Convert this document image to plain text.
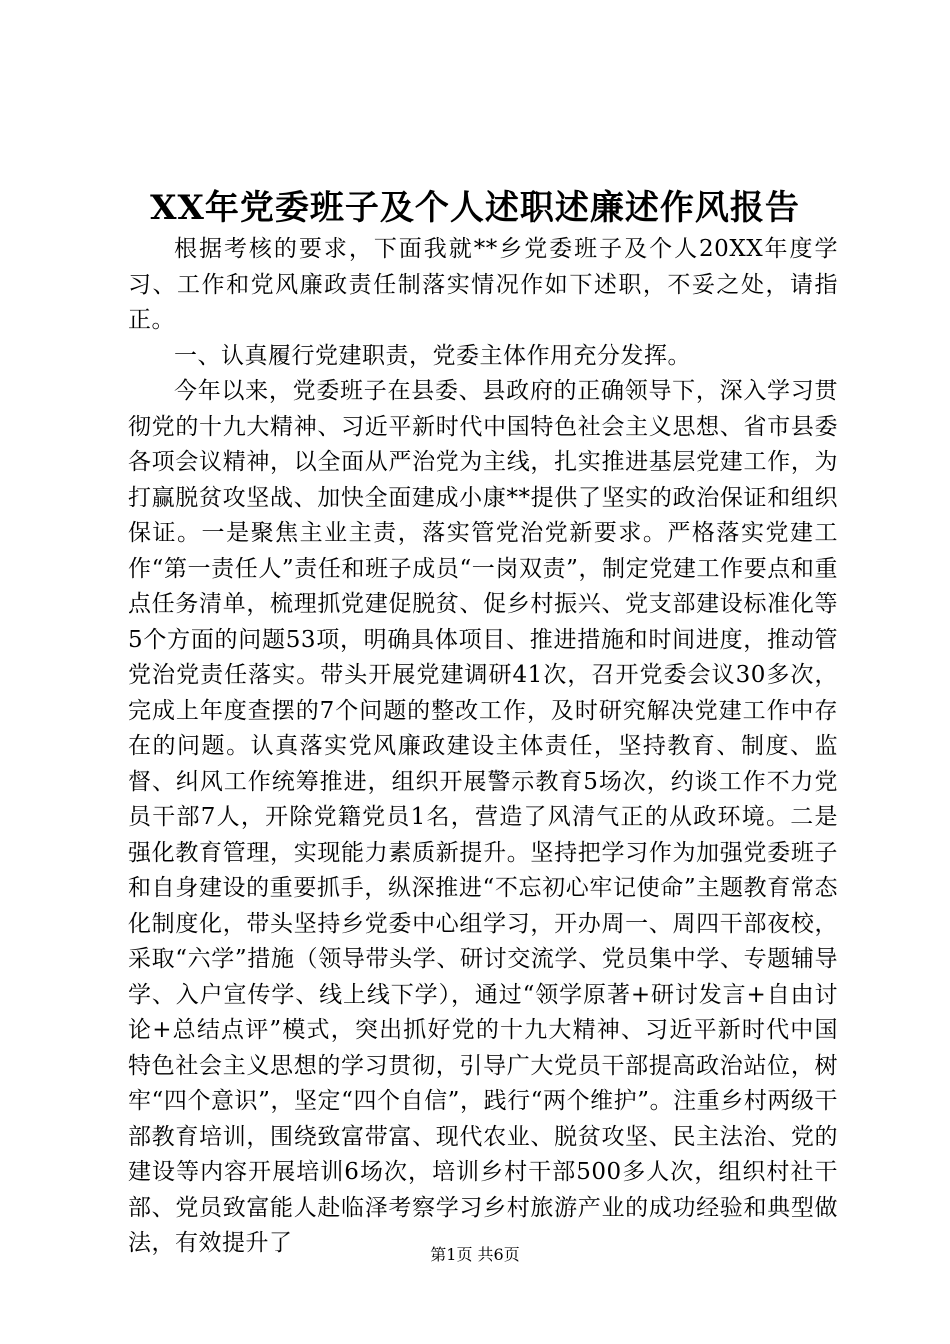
XX年党委班子及个人述职述廉述作风报告

根据考核的要求，下面我就**乡党委班子及个人20XX年度学习、工作和党风廉政责任制落实情况作如下述职，不妥之处，请指正。

一、认真履行党建职责，党委主体作用充分发挥。

今年以来，党委班子在县委、县政府的正确领导下，深入学习贯彻党的十九大精神、习近平新时代中国特色社会主义思想、省市县委各项会议精神，以全面从严治党为主线，扎实推进基层党建工作，为打赢脱贫攻坚战、加快全面建成小康**提供了坚实的政治保证和组织保证。一是聚焦主业主责，落实管党治党新要求。严格落实党建工作“第一责任人”责任和班子成员“一岗双责”，制定党建工作要点和重点任务清单，梳理抓党建促脱贫、促乡村振兴、党支部建设标准化等5个方面的问题53项，明确具体项目、推进措施和时间进度，推动管党治党责任落实。带头开展党建调研41次，召开党委会议30多次，完成上年度查摆的7个问题的整改工作，及时研究解决党建工作中存在的问题。认真落实党风廉政建设主体责任，坚持教育、制度、监督、纠风工作统筹推进，组织开展警示教育5场次，约谈工作不力党员干部7人，开除党籍党员1名，营造了风清气正的从政环境。二是强化教育管理，实现能力素质新提升。坚持把学习作为加强党委班子和自身建设的重要抓手，纵深推进“不忘初心牢记使命”主题教育常态化制度化，带头坚持乡党委中心组学习，开办周一、周四干部夜校，采取“六学”措施（领导带头学、研讨交流学、党员集中学、专题辅导学、入户宣传学、线上线下学），通过“领学原著+研讨发言+自由讨论+总结点评”模式，突出抓好党的十九大精神、习近平新时代中国特色社会主义思想的学习贯彻，引导广大党员干部提高政治站位，树牢“四个意识”，坚定“四个自信”，践行“两个维护”。注重乡村两级干部教育培训，围绕致富带富、现代农业、脱贫攻坚、民主法治、党的建设等内容开展培训6场次，培训乡村干部500多人次，组织村社干部、党员致富能人赴临泽考察学习乡村旅游产业的成功经验和典型做法，有效提升了	第1页 共6页
